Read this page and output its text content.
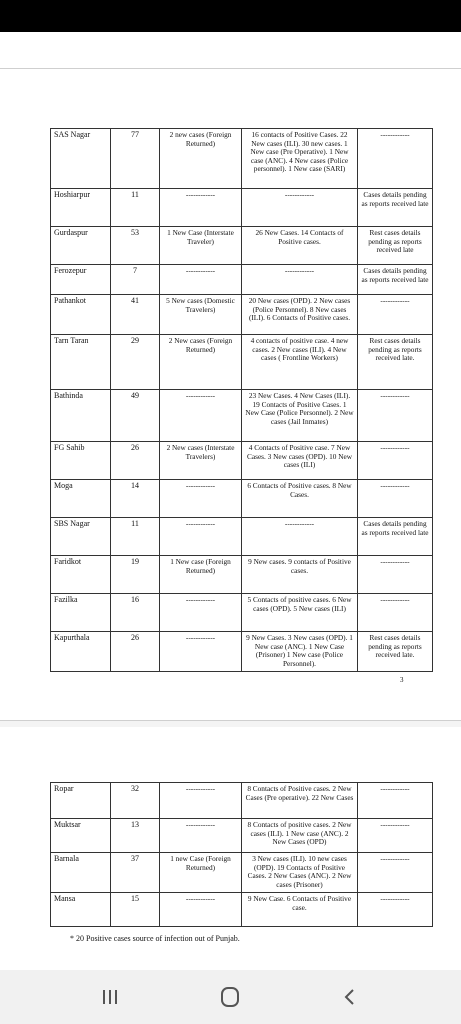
SAS Nagar	77	2 new cases (Foreign Returned)	16 contacts of Positive Cases. 22 New cases (ILI). 30 new cases. 1 New case (Pre Operative). 1 New case (ANC). 4 New cases (Police personnel). 1 New case (SARI)	------------
Hoshiarpur	11	------------	------------	Cases details pending as reports received late
Gurdaspur	53	1 New Case (Interstate Traveler)	26 New Cases. 14 Contacts of Positive cases.	Rest cases details pending as reports received late
Ferozepur	7	------------	------------	Cases details pending as reports received late
Pathankot	41	5 New cases (Domestic Travelers)	20 New cases (OPD). 2 New cases (Police Personnel). 8 New cases (ILI). 6 Contacts of Positive cases.	------------
Tarn Taran	29	2 New cases (Foreign Returned)	4 contacts of positive case. 4 new cases. 2 New cases (ILI). 4 New cases ( Frontline Workers)	Rest cases details pending as reports received late.
Bathinda	49	------------	23 New Cases. 4 New Cases (ILI). 19 Contacts of Positive Cases. 1 New Case (Police Personnel). 2 New cases (Jail Inmates)	------------
FG Sahib	26	2 New cases (Interstate Travelers)	4 Contacts of Positive case. 7 New Cases. 3 New cases (OPD). 10 New cases (ILI)	------------
Moga	14	------------	6 Contacts of Positive cases. 8 New Cases.	------------
SBS Nagar	11	------------	------------	Cases details pending as reports received late
Faridkot	19	1 New case (Foreign Returned)	9 New cases. 9 contacts of Positive cases.	------------
Fazilka	16	------------	5 Contacts of positive cases. 6 New cases (OPD). 5 New cases (ILI)	------------
Kapurthala	26	------------	9 New Cases. 3 New cases (OPD). 1 New case (ANC). 1 New Case (Prisoner) 1 New case (Police Personnel).	Rest cases details pending as reports received late.
3
Ropar	32	------------	8 Contacts of Positive cases. 2 New Cases (Pre operative). 22 New Cases	------------
Muktsar	13	------------	8 Contacts of positive cases. 2 New cases (ILI). 1 New case (ANC). 2 New Cases (OPD)	------------
Barnala	37	1 new Case (Foreign Returned)	3 New cases (ILI). 10 new cases (OPD). 19 Contacts of Positive Cases. 2 New Cases (ANC). 2 New cases (Prisoner)	------------
Mansa	15	------------	9 New Case. 6 Contacts of Positive case.	------------
* 20 Positive cases source of infection out of Punjab.
